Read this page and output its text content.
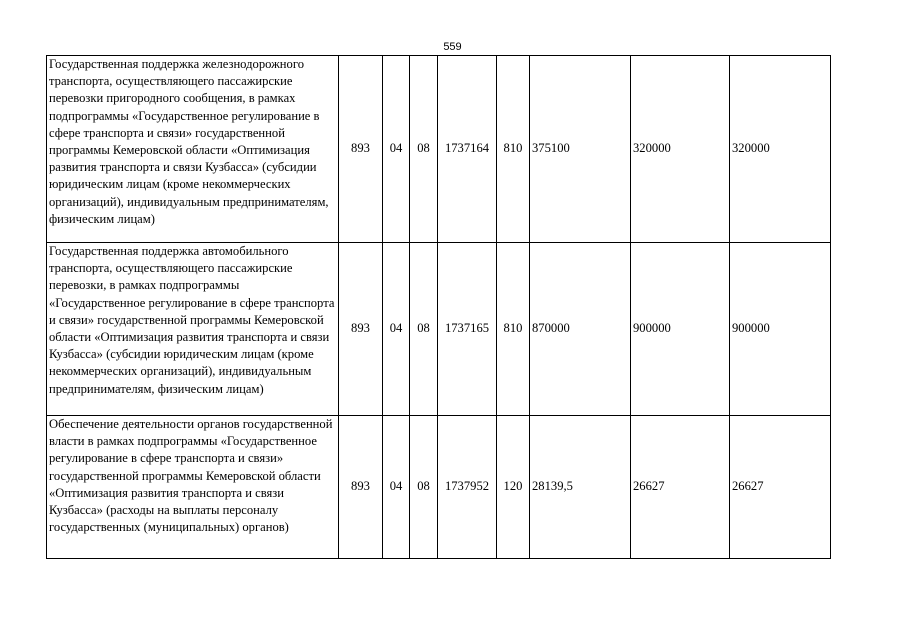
559
Государственная поддержка железнодорожного транспорта, осуществляющего пассажирские перевозки пригородного сообщения, в рамках подпрограммы «Государственное регулирование в сфере транспорта и связи» государственной программы Кемеровской области «Оптимизация развития транспорта и связи Кузбасса» (субсидии юридическим лицам (кроме некоммерческих организаций), индивидуальным предпринимателям, физическим лицам)	893	04	08	1737164	810	375100	320000	320000
Государственная поддержка автомобильного транспорта, осуществляющего пассажирские перевозки, в рамках подпрограммы «Государственное регулирование в сфере транспорта и связи» государственной программы Кемеровской области «Оптимизация развития транспорта и связи Кузбасса» (субсидии юридическим лицам (кроме некоммерческих организаций), индивидуальным предпринимателям, физическим лицам)	893	04	08	1737165	810	870000	900000	900000
Обеспечение деятельности органов государственной власти в рамках подпрограммы «Государственное регулирование в сфере транспорта и связи» государственной программы Кемеровской области «Оптимизация развития транспорта и связи Кузбасса» (расходы на выплаты персоналу государственных (муниципальных) органов)	893	04	08	1737952	120	28139,5	26627	26627
